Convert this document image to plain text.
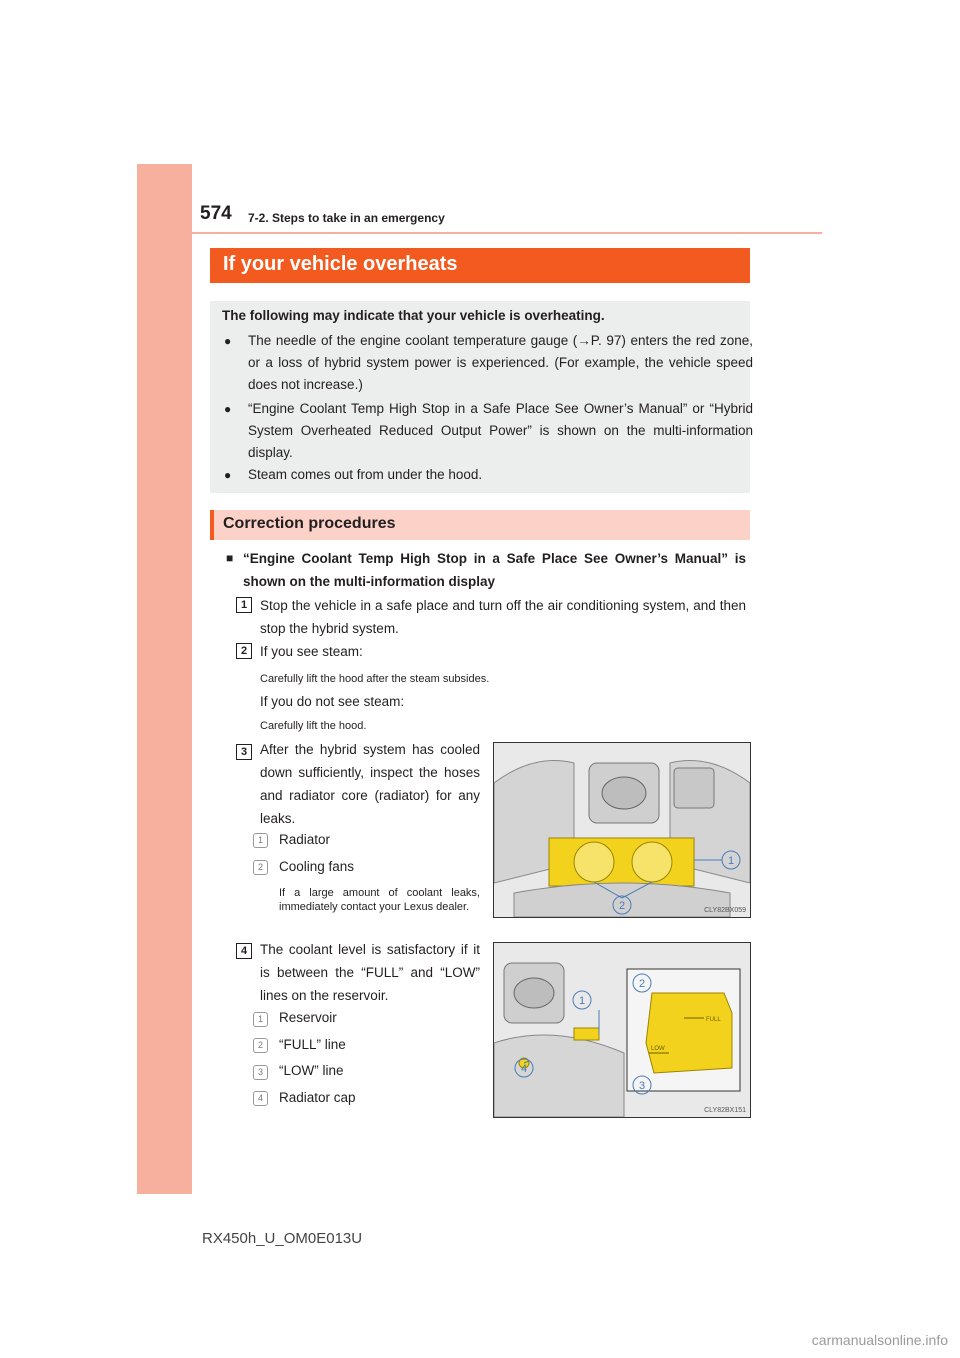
574 7-2. Steps to take in an emergency
If your vehicle overheats
The following may indicate that your vehicle is overheating.
● The needle of the engine coolant temperature gauge (→P. 97) enters the red zone, or a loss of hybrid system power is experienced. (For example, the vehicle speed does not increase.)
● “Engine Coolant Temp High Stop in a Safe Place See Owner’s Manual” or “Hybrid System Overheated Reduced Output Power” is shown on the multi-information display.
● Steam comes out from under the hood.
Correction procedures
■ “Engine Coolant Temp High Stop in a Safe Place See Owner’s Manual” is shown on the multi-information display
1 Stop the vehicle in a safe place and turn off the air conditioning system, and then stop the hybrid system.
2 If you see steam:
Carefully lift the hood after the steam subsides.
If you do not see steam:
Carefully lift the hood.
3 After the hybrid system has cooled down sufficiently, inspect the hoses and radiator core (radiator) for any leaks.
1	Radiator
2	Cooling fans
If a large amount of coolant leaks, immediately contact your Lexus dealer.
1
2	CLY82BX059
4 The coolant level is satisfactory if it is between the “FULL” and “LOW” lines on the reservoir.
1	Reservoir
2	“FULL” line
3	“LOW” line
4	Radiator cap
FULL
LOW
1
2
3
4
CLY82BX151
RX450h_U_OM0E013U
carmanualsonline.info
